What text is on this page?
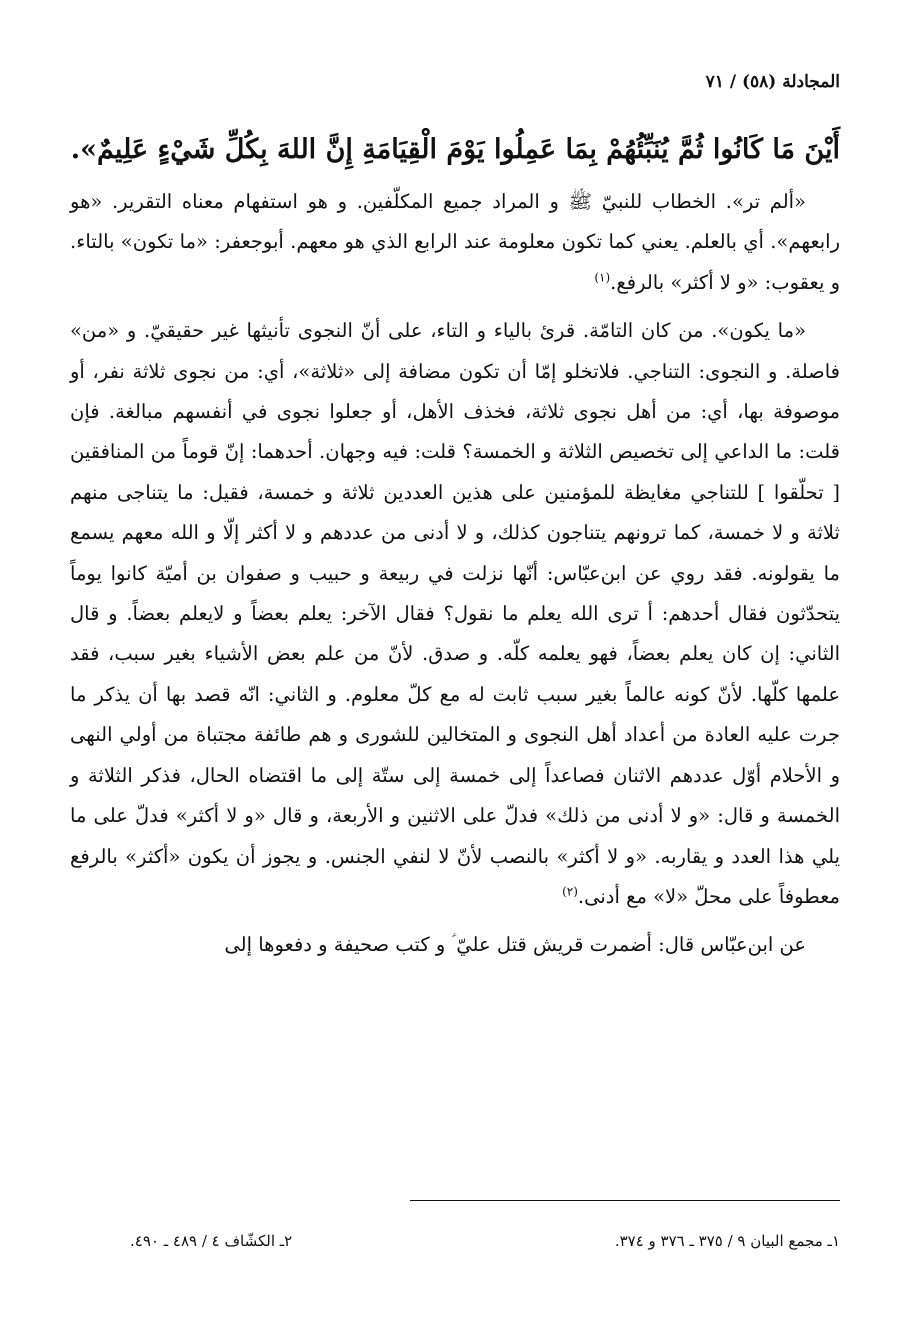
المجادلة (٥٨) / ٧١
أَيْنَ مَا كَانُوا ثُمَّ يُنَبِّئُهُمْ بِمَا عَمِلُوا يَوْمَ الْقِيَامَةِ إِنَّ اللهَ بِكُلِّ شَيْءٍ عَلِيمٌ».

«ألم تر». الخطاب للنبيّ ﷺ و المراد جميع المكلّفين. و هو استفهام معناه التقرير. «هو رابعهم». أي بالعلم. يعني كما تكون معلومة عند الرابع الذي هو معهم. أبوجعفر: «ما تكون» بالتاء. و يعقوب: «و لا أكثر» بالرفع.$^{(١)}$

«ما يكون». من كان التامّة. قرئ بالياء و التاء، على أنّ النجوى تأنيثها غير حقيقيّ. و «من» فاصلة. و النجوى: التناجي. فلاتخلو إمّا أن تكون مضافة إلى «ثلاثة»، أي: من نجوى ثلاثة نفر، أو موصوفة بها، أي: من أهل نجوى ثلاثة، فخذف الأهل، أو جعلوا نجوى في أنفسهم مبالغة. فإن قلت: ما الداعي إلى تخصيص الثلاثة و الخمسة؟ قلت: فيه وجهان. أحدهما: إنّ قوماً من المنافقين [ تحلّقوا ] للتناجي مغايظة للمؤمنين على هذين العددين ثلاثة و خمسة، فقيل: ما يتناجى منهم ثلاثة و لا خمسة، كما ترونهم يتناجون كذلك، و لا أدنى من عددهم و لا أكثر إلّا و الله معهم يسمع ما يقولونه. فقد روي عن ابن‌عبّاس: أنّها نزلت في ربيعة و حبيب و صفوان بن أميّة كانوا يوماً يتحدّثون فقال أحدهم: أ ترى الله يعلم ما نقول؟ فقال الآخر: يعلم بعضاً و لايعلم بعضاً. و قال الثاني: إن كان يعلم بعضاً، فهو يعلمه كلّه. و صدق. لأنّ من علم بعض الأشياء بغير سبب، فقد علمها كلّها. لأنّ كونه عالماً بغير سبب ثابت له مع كلّ معلوم. و الثاني: انّه قصد بها أن يذكر ما جرت عليه العادة من أعداد أهل النجوى و المتخالين للشورى و هم طائفة مجتباة من أولي النهى و الأحلام أوّل عددهم الاثنان فصاعداً إلى خمسة إلى ستّة إلى ما اقتضاه الحال، فذكر الثلاثة و الخمسة و قال: «و لا أدنى من ذلك» فدلّ على الاثنين و الأربعة، و قال «و لا أكثر» فدلّ على ما يلي هذا العدد و يقاربه. «و لا أكثر» بالنصب لأنّ لا لنفي الجنس. و يجوز أن يكون «أكثر» بالرفع معطوفاً على محلّ «لا» مع أدنى.$^{(٢)}$

عن ابن‌عبّاس قال: أضمرت قريش قتل عليّ ؑ و كتب صحيفة و دفعوها إلى

١ـ مجمع البيان ٩ / ٣٧٥ ـ ٣٧٦ و ٣٧٤.
٢ـ الكشّاف ٤ / ٤٨٩ ـ ٤٩٠.
